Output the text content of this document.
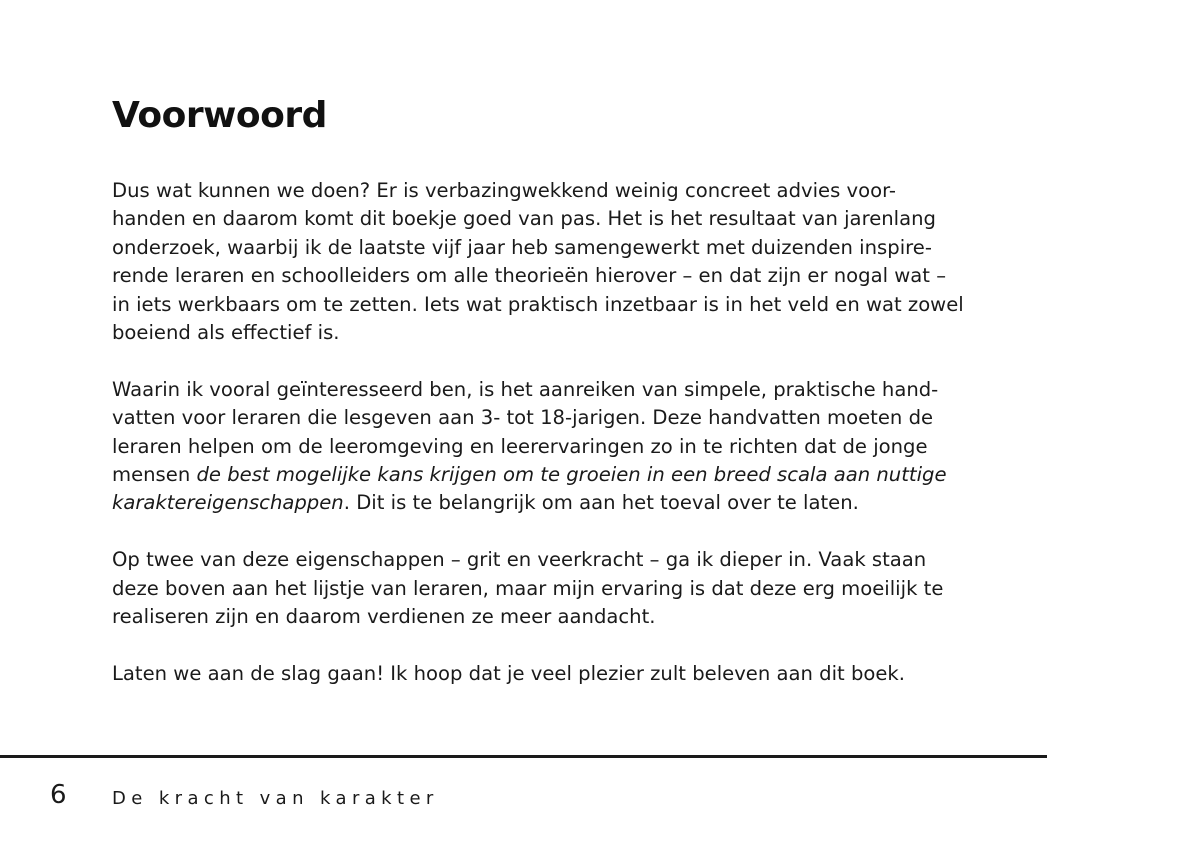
Voorwoord

Dus wat kunnen we doen? Er is verbazingwekkend weinig concreet advies voor-
handen en daarom komt dit boekje goed van pas. Het is het resultaat van jarenlang
onderzoek, waarbij ik de laatste vijf jaar heb samengewerkt met duizenden inspire-
rende leraren en schoolleiders om alle theorieën hierover – en dat zijn er nogal wat –
in iets werkbaars om te zetten. Iets wat praktisch inzetbaar is in het veld en wat zowel
boeiend als effectief is.

Waarin ik vooral geïnteresseerd ben, is het aanreiken van simpele, praktische hand-
vatten voor leraren die lesgeven aan 3- tot 18-jarigen. Deze handvatten moeten de
leraren helpen om de leeromgeving en leerervaringen zo in te richten dat de jonge
mensen de best mogelijke kans krijgen om te groeien in een breed scala aan nuttige
karaktereigenschappen. Dit is te belangrijk om aan het toeval over te laten.

Op twee van deze eigenschappen – grit en veerkracht – ga ik dieper in. Vaak staan
deze boven aan het lijstje van leraren, maar mijn ervaring is dat deze erg moeilijk te
realiseren zijn en daarom verdienen ze meer aandacht.

Laten we aan de slag gaan! Ik hoop dat je veel plezier zult beleven aan dit boek.

6	De kracht van karakter
